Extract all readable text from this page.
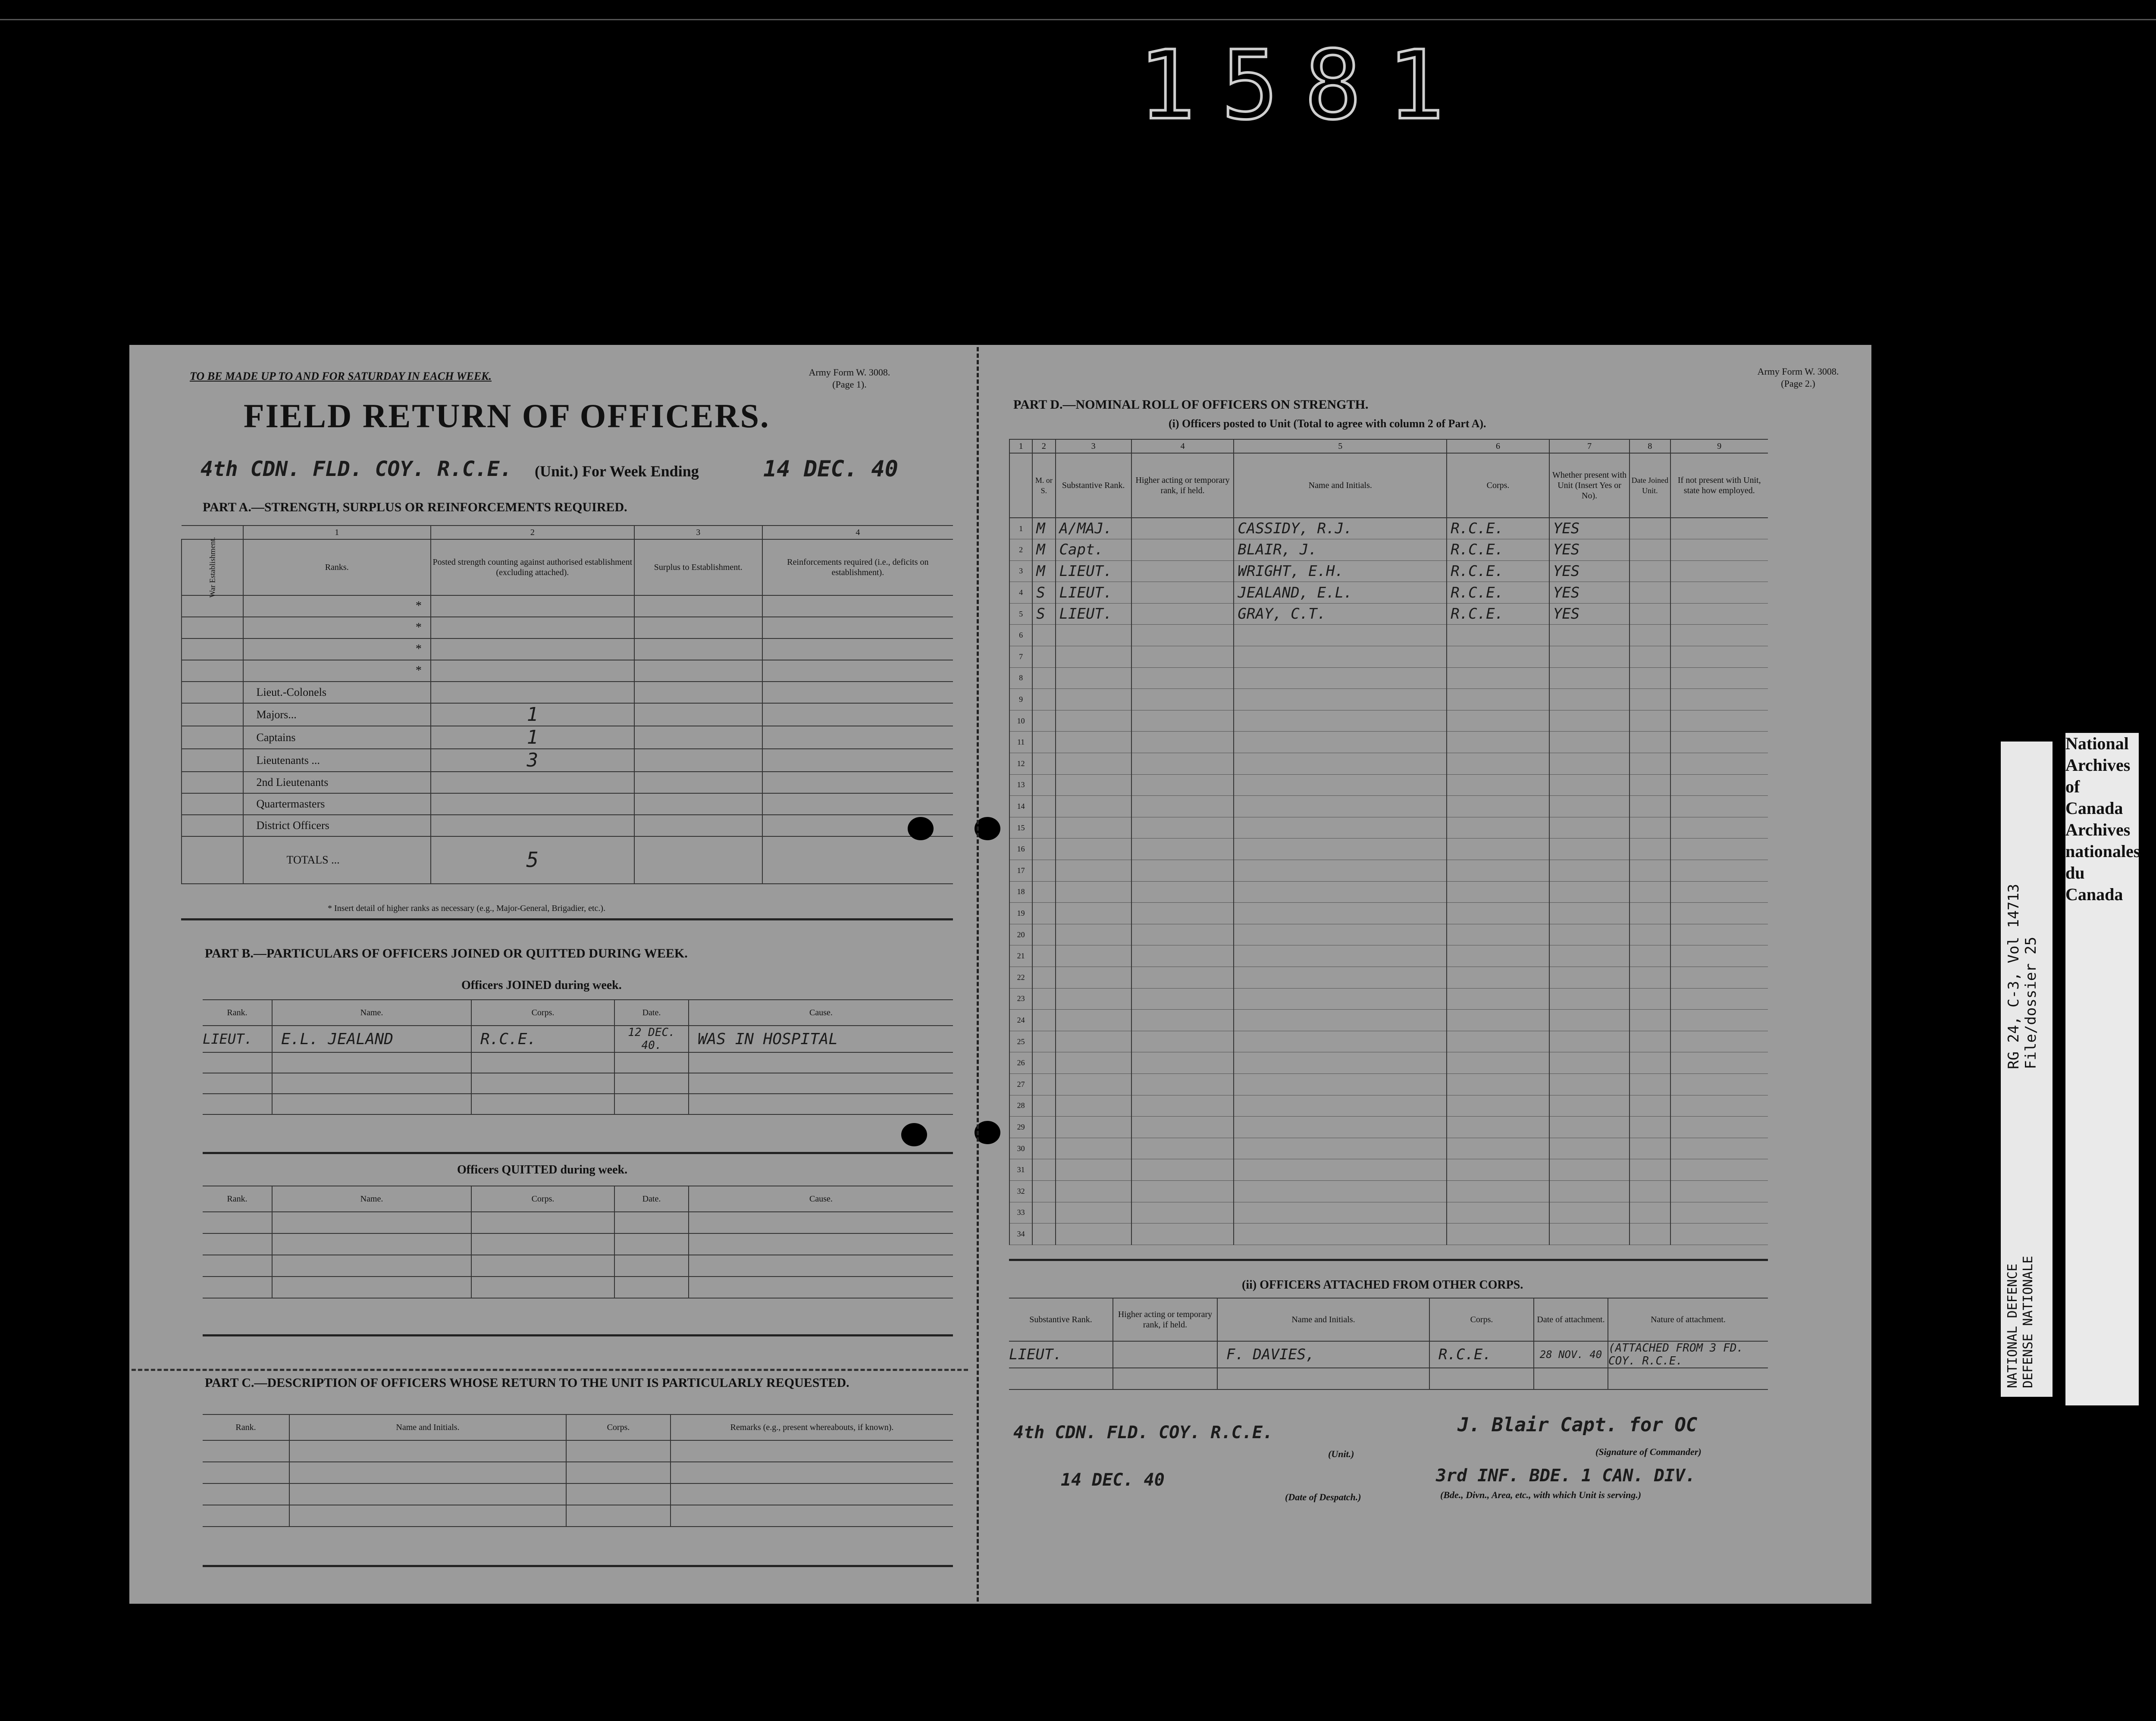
1581
TO BE MADE UP TO AND FOR SATURDAY IN EACH WEEK.	Army Form W. 3008.
(Page 1).
FIELD RETURN OF OFFICERS.
4th CDN. FLD. COY. R.C.E. (Unit.) For Week Ending	14 DEC. 40
PART A.—STRENGTH, SURPLUS OR REINFORCEMENTS REQUIRED.
	1	2	3	4

War Establishment.	Ranks.	Posted strength counting against authorised establishment (excluding attached).	Surplus to Establishment.	Reinforcements required (i.e., deficits on establishment).
	*			
	*			
	*			
	*			
	Lieut.-Colonels			
	Majors...	1		
	Captains	1		
	Lieutenants ...	3		
	2nd Lieutenants			
	Quartermasters			
	District Officers			
	TOTALS ...	5		
* Insert detail of higher ranks as necessary (e.g., Major-General, Brigadier, etc.).
PART B.—PARTICULARS OF OFFICERS JOINED OR QUITTED DURING WEEK.
Officers JOINED during week.
Rank.	Name.	Corps.	Date.	Cause.
LIEUT.	E.L. JEALAND	R.C.E.	12 DEC. 40.	WAS IN HOSPITAL

Officers QUITTED during week.
Rank.	Name.	Corps.	Date.	Cause.

PART C.—DESCRIPTION OF OFFICERS WHOSE RETURN TO THE UNIT IS PARTICULARLY REQUESTED.
Rank.	Name and Initials.	Corps.	Remarks (e.g., present whereabouts, if known).

Army Form W. 3008.
(Page 2.)
PART D.—NOMINAL ROLL OF OFFICERS ON STRENGTH.
(i) Officers posted to Unit (Total to agree with column 2 of Part A).
1	2	3	4	5	6	7	8	9
	M. or S.	Substantive Rank.	Higher acting or temporary rank, if held.	Name and Initials.	Corps.	Whether present with Unit (Insert Yes or No).	Date Joined Unit.	If not present with Unit, state how employed.
1	M	A/MAJ.		CASSIDY, R.J.	R.C.E.	YES		
2	M	Capt.		BLAIR, J.	R.C.E.	YES		
3	M	LIEUT.		WRIGHT, E.H.	R.C.E.	YES		
4	S	LIEUT.		JEALAND, E.L.	R.C.E.	YES		
5	S	LIEUT.		GRAY, C.T.	R.C.E.	YES		
6								
7								
8								
9								
10								
11								
12								
13								
14								
15								
16								
17								
18								
19								
20								
21								
22								
23								
24								
25								
26								
27								
28								
29								
30								
31								
32								
33								
34								
(ii) OFFICERS ATTACHED FROM OTHER CORPS.
Substantive Rank.	Higher acting or temporary rank, if held.	Name and Initials.	Corps.	Date of attachment.	Nature of attachment.
LIEUT.		F. DAVIES,	R.C.E.	28 NOV. 40	(ATTACHED FROM 3 FD. COY. R.C.E.

4th CDN. FLD. COY. R.C.E.
(Unit.)
14 DEC. 40
(Date of Despatch.)
J. Blair Capt. for OC
(Signature of Commander)
3rd INF. BDE. 1 CAN. DIV.
(Bde., Divn., Area, etc., with which Unit is serving.)
RG 24, C-3, Vol 14713 File/dossier 25
NATIONAL DEFENCE DEFENSE NATIONALE
National Archives of Canada
Archives nationales du Canada
